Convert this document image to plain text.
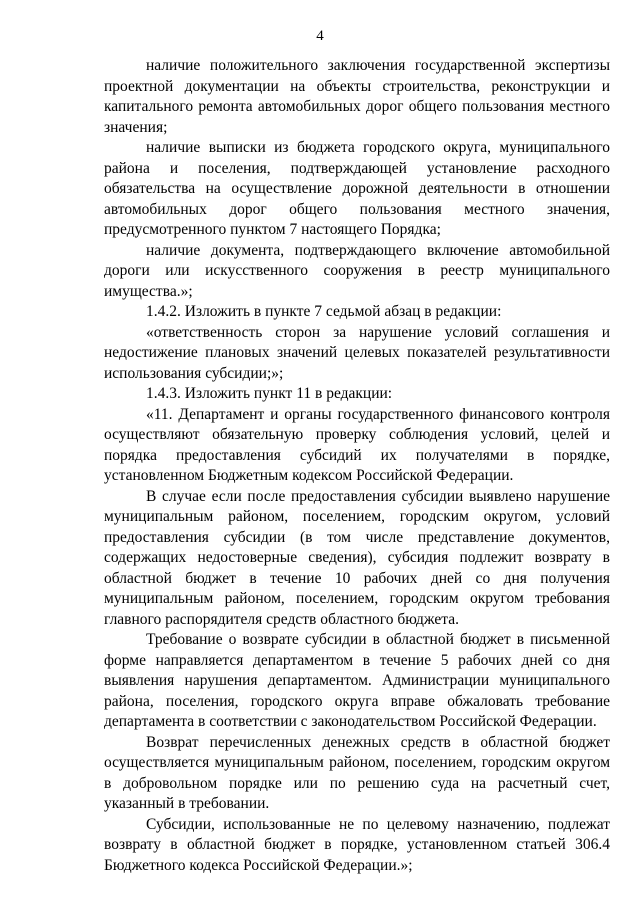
4

наличие положительного заключения государственной экспертизы проектной документации на объекты строительства, реконструкции и капитального ремонта автомобильных дорог общего пользования местного значения;

наличие выписки из бюджета городского округа, муниципального района и поселения, подтверждающей установление расходного обязательства на осуществление дорожной деятельности в отношении автомобильных дорог общего пользования местного значения, предусмотренного пунктом 7 настоящего Порядка;

наличие документа, подтверждающего включение автомобильной дороги или искусственного сооружения в реестр муниципального имущества.»;

1.4.2. Изложить в пункте 7 седьмой абзац в редакции:

«ответственность сторон за нарушение условий соглашения и недостижение плановых значений целевых показателей результативности использования субсидии;»;

1.4.3. Изложить пункт 11 в редакции:

«11. Департамент и органы государственного финансового контроля осуществляют обязательную проверку соблюдения условий, целей и порядка предоставления субсидий их получателями в порядке, установленном Бюджетным кодексом Российской Федерации.

В случае если после предоставления субсидии выявлено нарушение муниципальным районом, поселением, городским округом, условий предоставления субсидии (в том числе представление документов, содержащих недостоверные сведения), субсидия подлежит возврату в областной бюджет в течение 10 рабочих дней со дня получения муниципальным районом, поселением, городским округом требования главного распорядителя средств областного бюджета.

Требование о возврате субсидии в областной бюджет в письменной форме направляется департаментом в течение 5 рабочих дней со дня выявления нарушения департаментом. Администрации муниципального района, поселения, городского округа вправе обжаловать требование департамента в соответствии с законодательством Российской Федерации.

Возврат перечисленных денежных средств в областной бюджет осуществляется муниципальным районом, поселением, городским округом в добровольном порядке или по решению суда на расчетный счет, указанный в требовании.

Субсидии, использованные не по целевому назначению, подлежат возврату в областной бюджет в порядке, установленном статьей 306.4 Бюджетного кодекса Российской Федерации.»;
